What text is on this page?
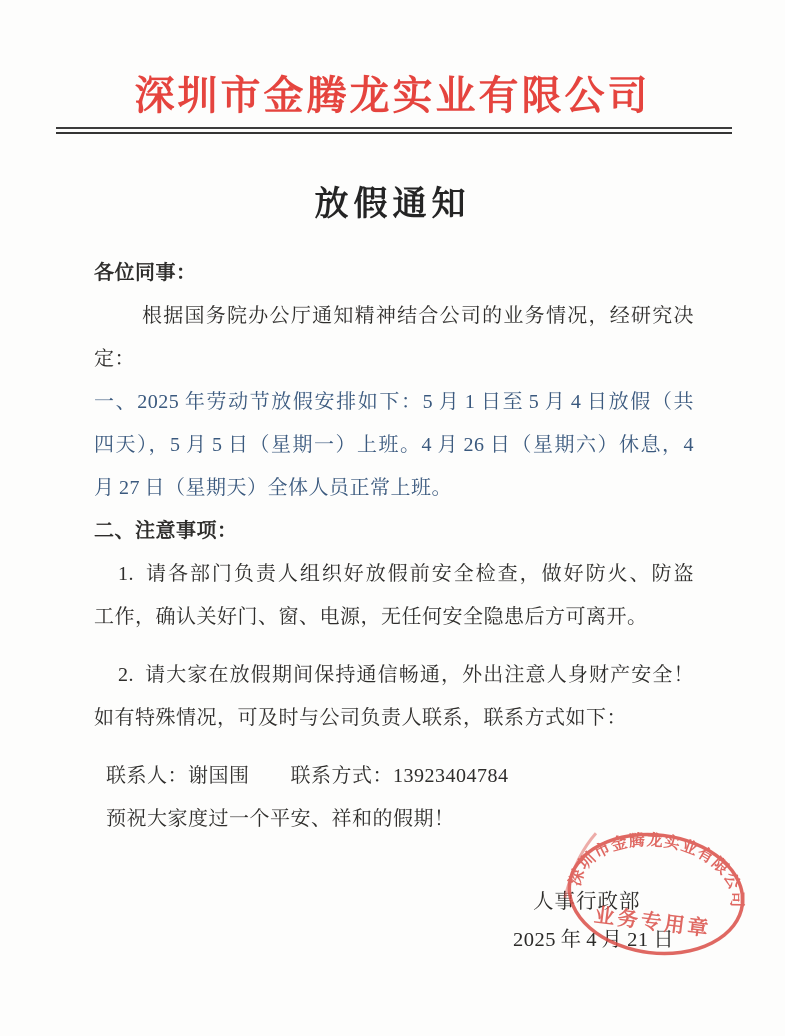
深圳市金腾龙实业有限公司
放假通知
各位同事：
根据国务院办公厅通知精神结合公司的业务情况，经研究决
定：
一、2025 年劳动节放假安排如下：5 月 1 日至 5 月 4 日放假（共
四天），5 月 5 日（星期一）上班。4 月 26 日（星期六）休息，4
月 27 日（星期天）全体人员正常上班。
二、注意事项：
1. 请各部门负责人组织好放假前安全检查，做好防火、防盗
工作，确认关好门、窗、电源，无任何安全隐患后方可离开。
2. 请大家在放假期间保持通信畅通，外出注意人身财产安全！
如有特殊情况，可及时与公司负责人联系，联系方式如下：
联系人：谢国围　　联系方式：13923404784
预祝大家度过一个平安、祥和的假期！
人事行政部
2025 年 4 月 21 日
深圳市金腾龙实业有限公司
业务专用章
